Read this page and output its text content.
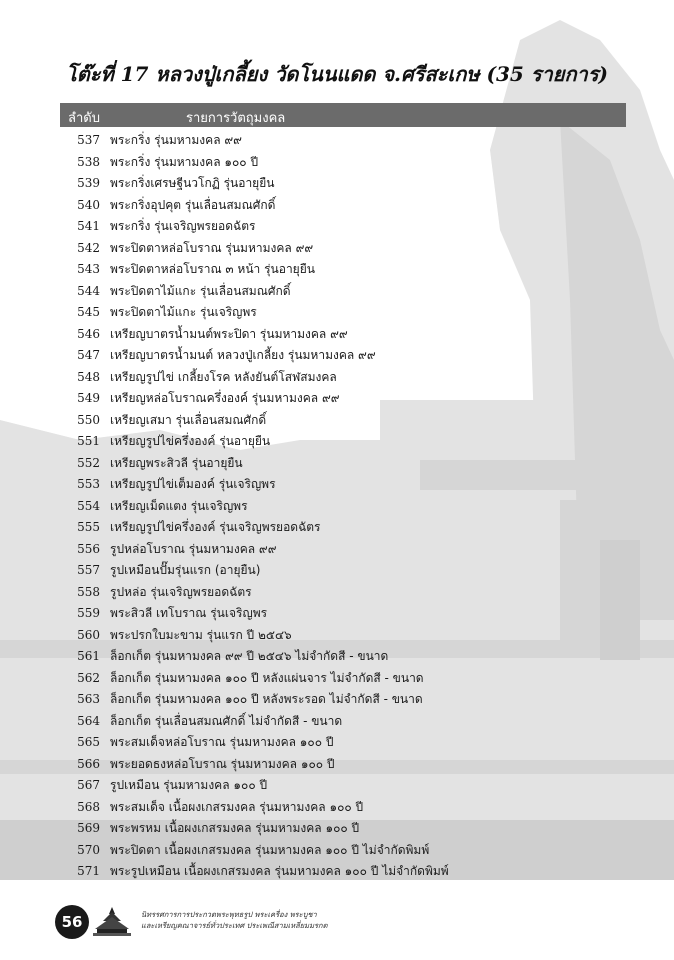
โต๊ะที่ 17 หลวงปู่เกลี้ยง วัดโนนแดด จ.ศรีสะเกษ (35 รายการ)
ลำดับ	รายการวัตถุมงคล
537 พระกริ่ง รุ่นมหามงคล ๙๙
538 พระกริ่ง รุ่นมหามงคล ๑๐๐ ปี
539 พระกริ่งเศรษฐีนวโกฏิ รุ่นอายุยืน
540 พระกริ่งอุปคุต รุ่นเลื่อนสมณศักดิ์
541 พระกริ่ง รุ่นเจริญพรยอดฉัตร
542 พระปิดตาหล่อโบราณ รุ่นมหามงคล ๙๙
543 พระปิดตาหล่อโบราณ ๓ หน้า รุ่นอายุยืน
544 พระปิดตาไม้แกะ รุ่นเลื่อนสมณศักดิ์
545 พระปิดตาไม้แกะ รุ่นเจริญพร
546 เหรียญบาตรน้ำมนต์พระปิดา รุ่นมหามงคล ๙๙
547 เหรียญบาตรน้ำมนต์ หลวงปู่เกลี้ยง รุ่นมหามงคล ๙๙
548 เหรียญรูปไข่ เกลี้ยงโรค หลังยันต์โสฬสมงคล
549 เหรียญหล่อโบราณครึ่งองค์ รุ่นมหามงคล ๙๙
550 เหรียญเสมา รุ่นเลื่อนสมณศักดิ์
551 เหรียญรูปไข่ครึ่งองค์ รุ่นอายุยืน
552 เหรียญพระสิวลี รุ่นอายุยืน
553 เหรียญรูปไข่เต็มองค์ รุ่นเจริญพร
554 เหรียญเม็ดแตง รุ่นเจริญพร
555 เหรียญรูปไข่ครึ่งองค์ รุ่นเจริญพรยอดฉัตร
556 รูปหล่อโบราณ รุ่นมหามงคล ๙๙
557 รูปเหมือนปั๊มรุ่นแรก (อายุยืน)
558 รูปหล่อ รุ่นเจริญพรยอดฉัตร
559 พระสิวลี เทโบราณ รุ่นเจริญพร
560 พระปรกใบมะขาม รุ่นแรก ปี ๒๕๔๖
561 ล็อกเก็ต รุ่นมหามงคล ๙๙ ปี ๒๕๔๖ ไม่จำกัดสี - ขนาด
562 ล็อกเก็ต รุ่นมหามงคล ๑๐๐ ปี หลังแผ่นจาร ไม่จำกัดสี - ขนาด
563 ล็อกเก็ต รุ่นมหามงคล ๑๐๐ ปี หลังพระรอด ไม่จำกัดสี - ขนาด
564 ล็อกเก็ต รุ่นเลื่อนสมณศักดิ์ ไม่จำกัดสี - ขนาด
565 พระสมเด็จหล่อโบราณ รุ่นมหามงคล ๑๐๐ ปี
566 พระยอดธงหล่อโบราณ รุ่นมหามงคล ๑๐๐ ปี
567 รูปเหมือน รุ่นมหามงคล ๑๐๐ ปี
568 พระสมเด็จ เนื้อผงเกสรมงคล รุ่นมหามงคล ๑๐๐ ปี
569 พระพรหม เนื้อผงเกสรมงคล รุ่นมหามงคล ๑๐๐ ปี
570 พระปิดตา เนื้อผงเกสรมงคล รุ่นมหามงคล ๑๐๐ ปี ไม่จำกัดพิมพ์
571 พระรูปเหมือน เนื้อผงเกสรมงคล รุ่นมหามงคล ๑๐๐ ปี ไม่จำกัดพิมพ์
56	นิทรรศการการประกวดพระพุทธรูป พระเครื่อง พระบูชา
และเหรียญคณาจารย์ทั่วประเทศ ประเพณีสามเหลี่ยมมรกต
